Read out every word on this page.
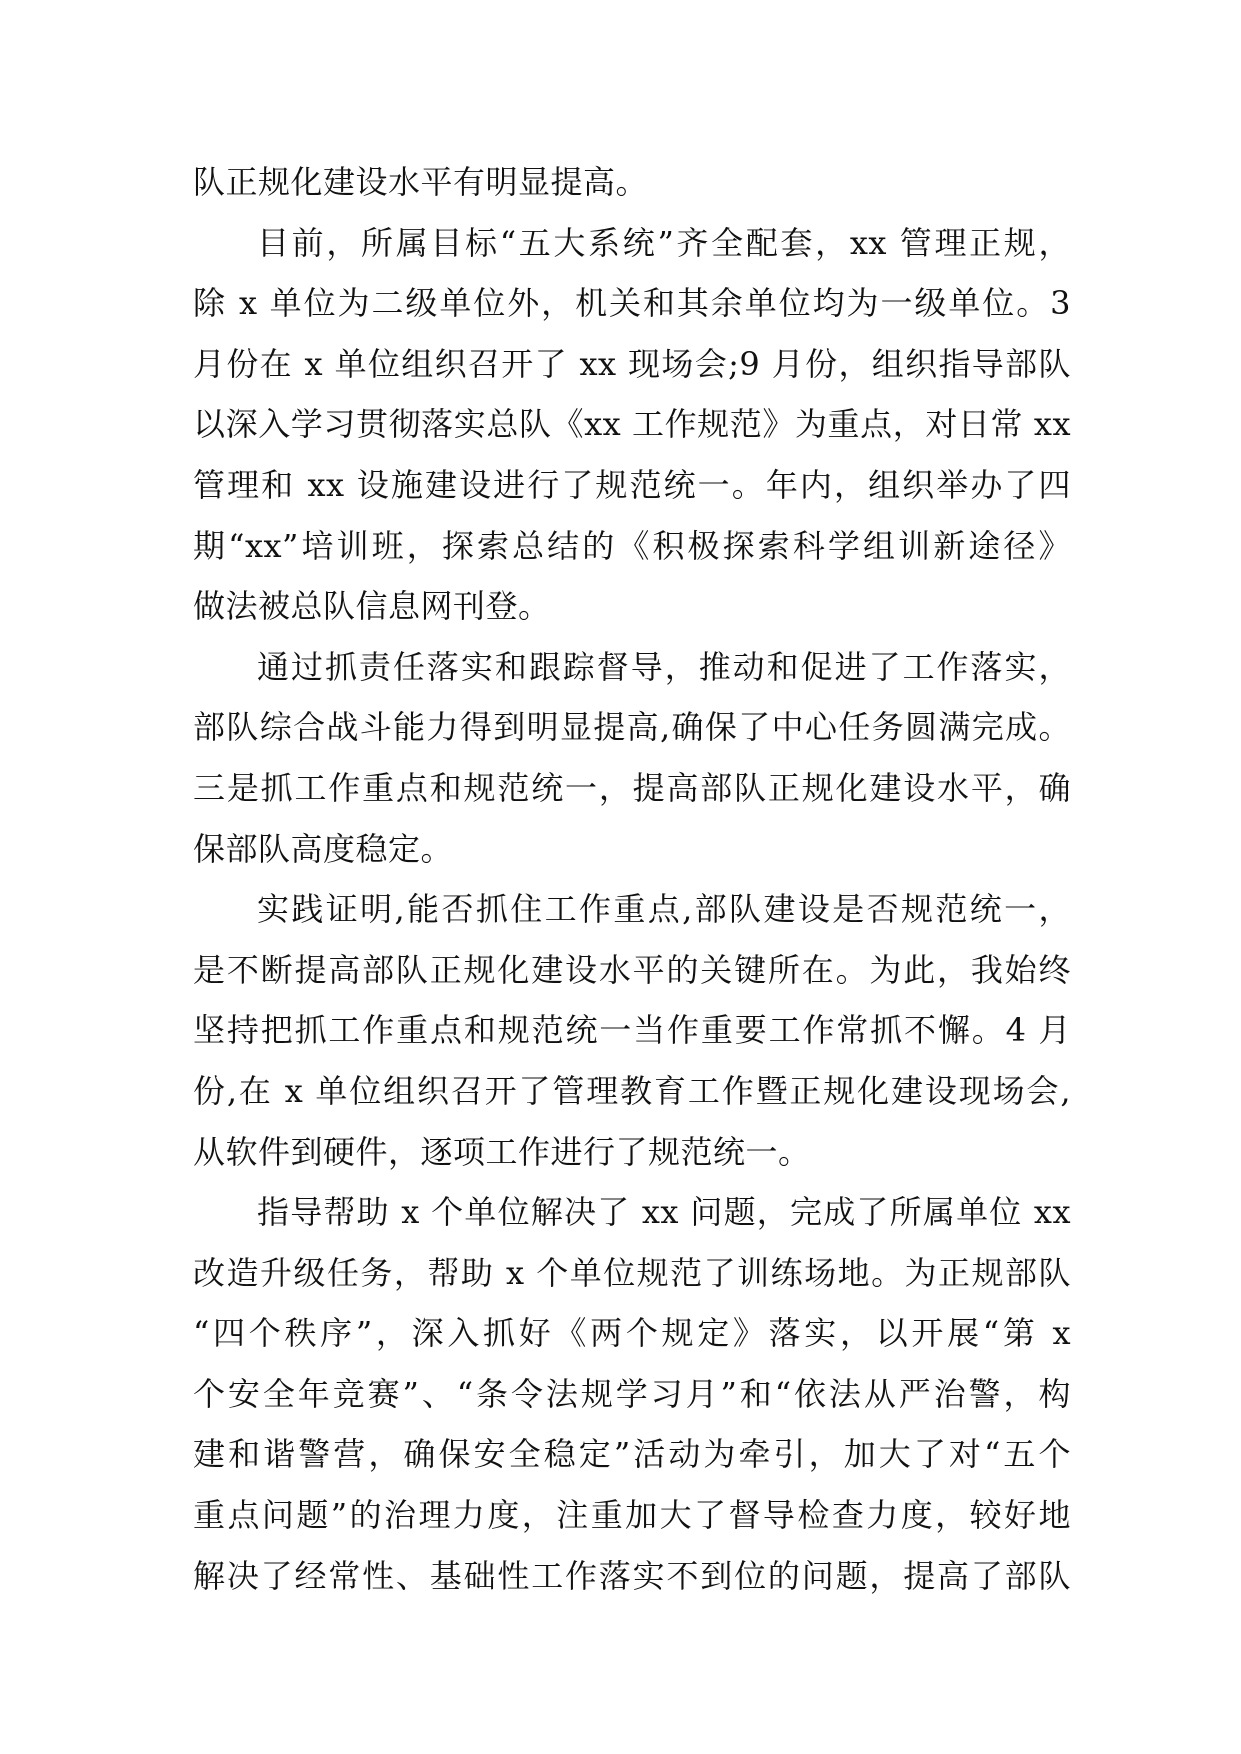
队正规化建设水平有明显提高。
目前，所属目标“五大系统”齐全配套，xx 管理正规，
除 x 单位为二级单位外，机关和其余单位均为一级单位。3
月份在 x 单位组织召开了 xx 现场会;9 月份，组织指导部队
以深入学习贯彻落实总队《xx 工作规范》为重点，对日常 xx
管理和 xx 设施建设进行了规范统一。年内，组织举办了四
期“xx”培训班，探索总结的《积极探索科学组训新途径》
做法被总队信息网刊登。
通过抓责任落实和跟踪督导，推动和促进了工作落实，
部队综合战斗能力得到明显提高,确保了中心任务圆满完成。
三是抓工作重点和规范统一，提高部队正规化建设水平，确
保部队高度稳定。
实践证明,能否抓住工作重点,部队建设是否规范统一，
是不断提高部队正规化建设水平的关键所在。为此，我始终
坚持把抓工作重点和规范统一当作重要工作常抓不懈。4 月
份,在 x 单位组织召开了管理教育工作暨正规化建设现场会,
从软件到硬件，逐项工作进行了规范统一。
指导帮助 x 个单位解决了 xx 问题，完成了所属单位 xx
改造升级任务，帮助 x 个单位规范了训练场地。为正规部队
“四个秩序”，深入抓好《两个规定》落实，以开展“第 x
个安全年竞赛”、“条令法规学习月”和“依法从严治警，构
建和谐警营，确保安全稳定”活动为牵引，加大了对“五个
重点问题”的治理力度，注重加大了督导检查力度，较好地
解决了经常性、基础性工作落实不到位的问题，提高了部队
